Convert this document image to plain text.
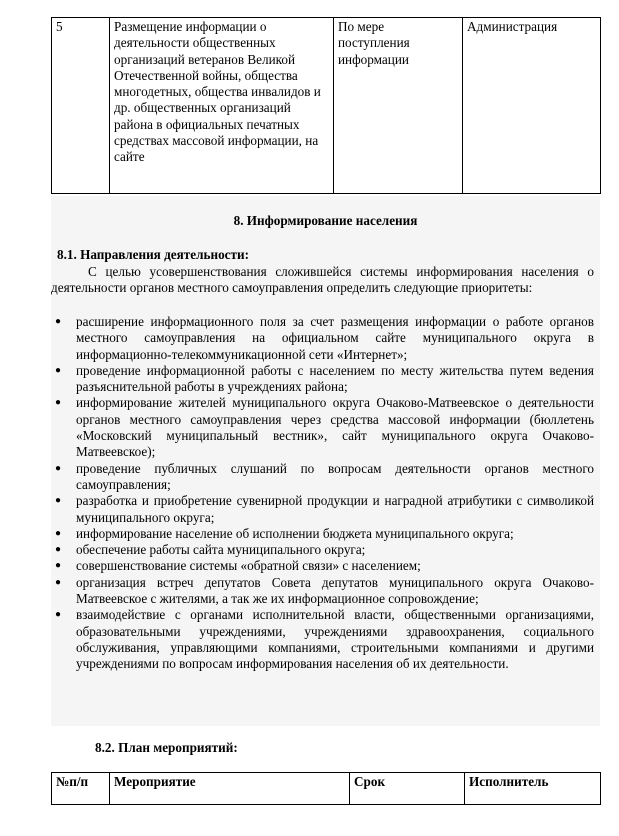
5	Размещение информации о деятельности общественных организаций ветеранов Великой Отечественной войны, общества многодетных, общества инвалидов и др. общественных организаций района в официальных печатных средствах массовой информации, на сайте	По мере поступления информации	Администрация
8. Информирование населения
8.1. Направления деятельности:
С целью усовершенствования сложившейся системы информирования населения о деятельности органов местного самоуправления определить следующие приоритеты:
● расширение информационного поля за счет размещения информации о работе органов местного самоуправления на официальном сайте муниципального округа в информационно-телекоммуникационной сети «Интернет»;
● проведение информационной работы с населением по месту жительства путем ведения разъяснительной работы в учреждениях района;
● информирование жителей муниципального округа Очаково-Матвеевское о деятельности органов местного самоуправления через средства массовой информации (бюллетень «Московский муниципальный вестник», сайт муниципального округа Очаково-Матвеевское);
● проведение публичных слушаний по вопросам деятельности органов местного самоуправления;
● разработка и приобретение сувенирной продукции и наградной атрибутики с символикой муниципального округа;
● информирование население об исполнении бюджета муниципального округа;
● обеспечение работы сайта муниципального округа;
● совершенствование системы «обратной связи» с населением;
● организация встреч депутатов Совета депутатов муниципального округа Очаково-Матвеевское с жителями, а так же их информационное сопровождение;
● взаимодействие с органами исполнительной власти, общественными организациями, образовательными учреждениями, учреждениями здравоохранения, социального обслуживания, управляющими компаниями, строительными компаниями и другими учреждениями по вопросам информирования населения об их деятельности.
8.2. План мероприятий:
№п/п	Мероприятие	Срок	Исполнитель
